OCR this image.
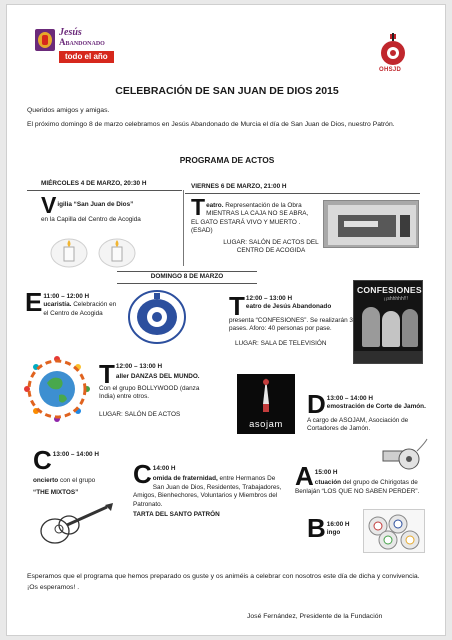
Jesús
Abandonado
todo el año
OHSJD
CELEBRACIÓN DE SAN JUAN DE DIOS 2015
Queridos amigos y amigas.
El próximo domingo 8 de marzo celebramos en Jesús Abandonado de Murcia el día de San Juan de Dios, nuestro Patrón.
PROGRAMA DE ACTOS
MIÉRCOLES 4 DE MARZO, 20:30 H
V igilia “San Juan de Dios”
en la Capilla del Centro de Acogida
VIERNES 6 DE MARZO, 21:00 H
T eatro. Representación de la Obra MIENTRAS LA CAJA NO SE ABRA, EL GATO ESTARÁ VIVO Y MUERTO . (ESAD)
LUGAR: SALÓN DE ACTOS DEL CENTRO DE ACOGIDA
DOMINGO 8 DE MARZO
E 11:00 – 12:00 H
ucaristía. Celebración en el Centro de Acogida	T 12:00 – 13:00 H
eatro de Jesús Abandonado
presenta “CONFESIONES”. Se realizarán 3 pases. Aforo: 40 personas por pase.
LUGAR: SALA DE TELEVISIÓN
CONFESIONES
¡¡shhhhh!!!
T 12:00 – 13:00 H
aller DANZAS DEL MUNDO.
Con el grupo BOLLYWOOD (danza India) entre otros.
LUGAR: SALÓN DE ACTOS
asojam
D 13:00 – 14:00 H
emostración de Corte de Jamón.
A cargo de ASOJAM, Asociación de Cortadores de Jamón.
C 13:00 – 14:00 H
oncierto con el grupo
“THE MIXTOS”
C 14:00 H
omida de fraternidad, entre Hermanos De San Juan de Dios, Residentes, Trabajadores, Amigos, Bienhechores, Voluntarios y Miembros del Patronato.
TARTA DEL SANTO PATRÓN
A 15:00 H
ctuación del grupo de Chirigotas de Benlaján “LOS QUE NO SABEN PERDER”.
B 16:00 H
ingo
Esperamos que el programa que hemos preparado os guste y os animéis a celebrar con nosotros este día de dicha y convivencia. ¡Os esperamos! .
José Fernández, Presidente de la Fundación
